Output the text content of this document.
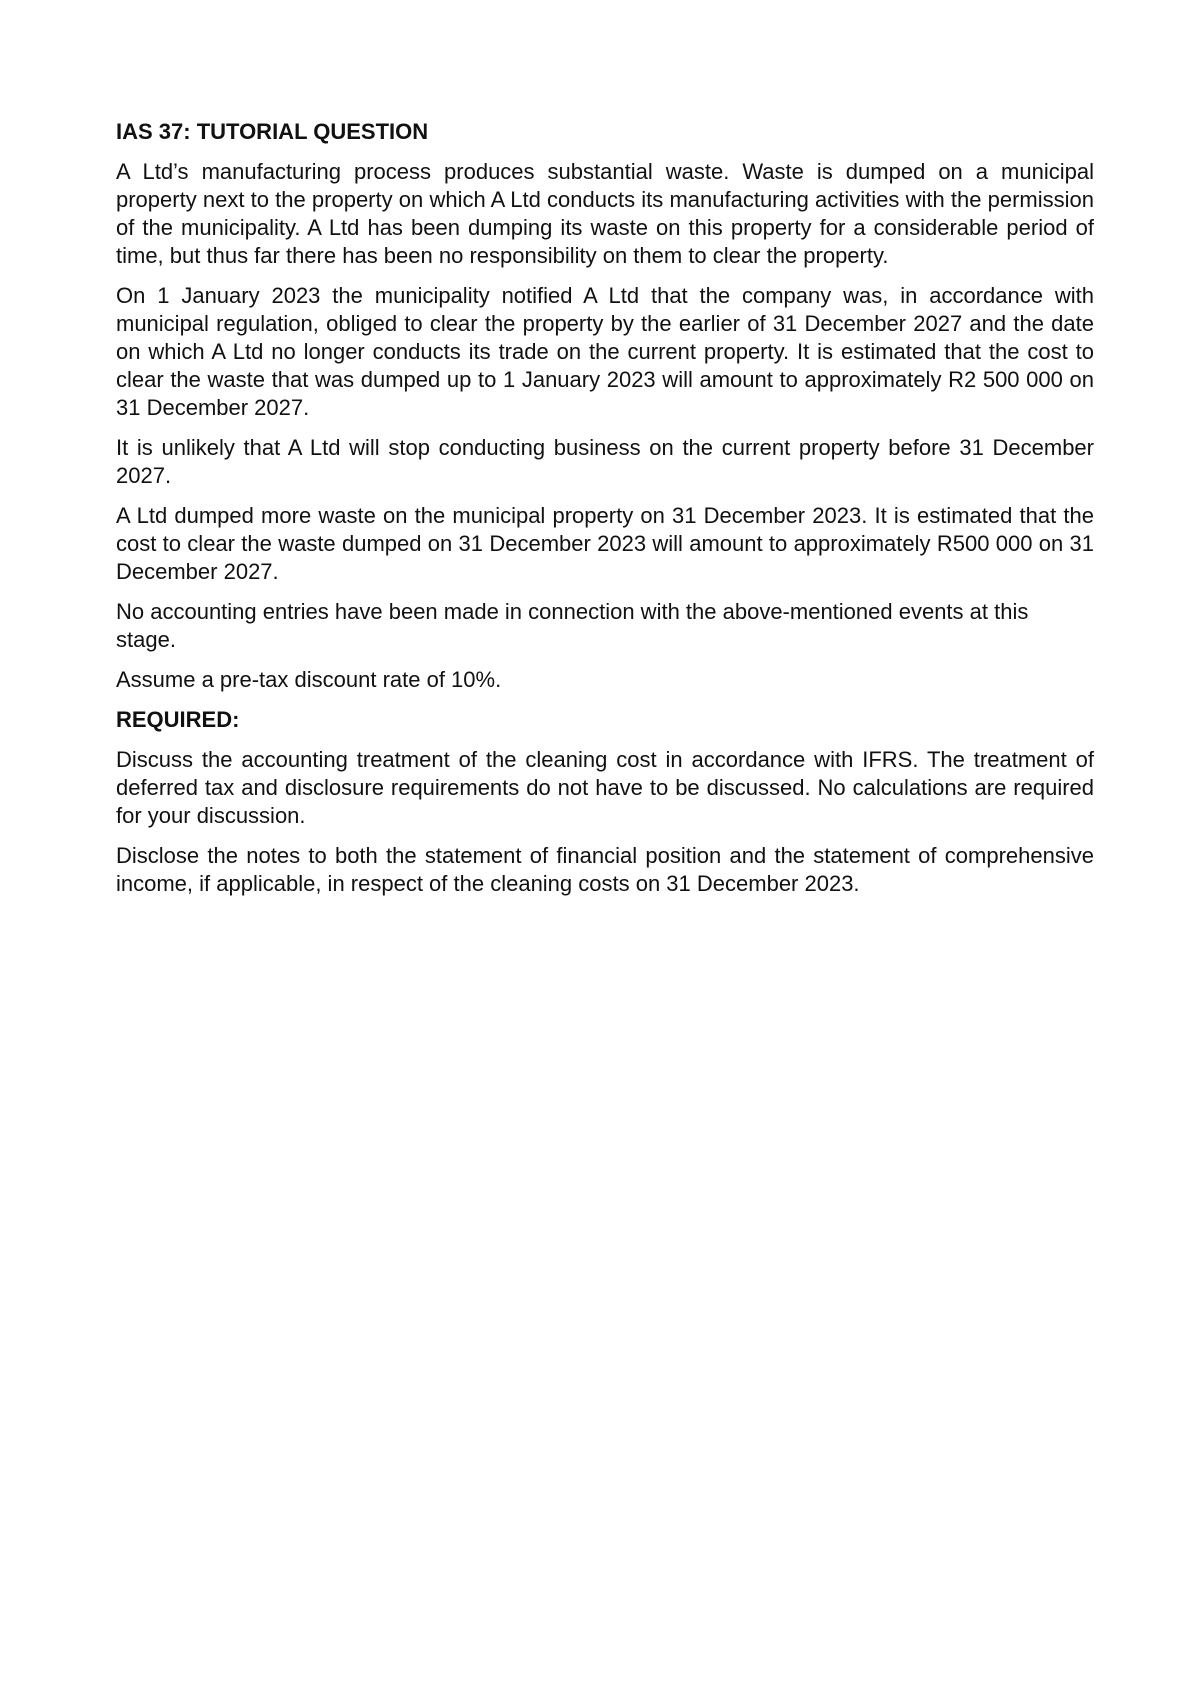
IAS 37: TUTORIAL QUESTION

A Ltd’s manufacturing process produces substantial waste. Waste is dumped on a municipal property next to the property on which A Ltd conducts its manufacturing activities with the permission of the municipality. A Ltd has been dumping its waste on this property for a considerable period of time, but thus far there has been no responsibility on them to clear the property.

On 1 January 2023 the municipality notified A Ltd that the company was, in accordance with municipal regulation, obliged to clear the property by the earlier of 31 December 2027 and the date on which A Ltd no longer conducts its trade on the current property. It is estimated that the cost to clear the waste that was dumped up to 1 January 2023 will amount to approximately R2 500 000 on 31 December 2027.

It is unlikely that A Ltd will stop conducting business on the current property before 31 December 2027.

A Ltd dumped more waste on the municipal property on 31 December 2023. It is estimated that the cost to clear the waste dumped on 31 December 2023 will amount to approximately R500 000 on 31 December 2027.

No accounting entries have been made in connection with the above-mentioned events at this stage.

Assume a pre-tax discount rate of 10%.

REQUIRED:

Discuss the accounting treatment of the cleaning cost in accordance with IFRS. The treatment of deferred tax and disclosure requirements do not have to be discussed. No calculations are required for your discussion.

Disclose the notes to both the statement of financial position and the statement of comprehensive income, if applicable, in respect of the cleaning costs on 31 December 2023.
